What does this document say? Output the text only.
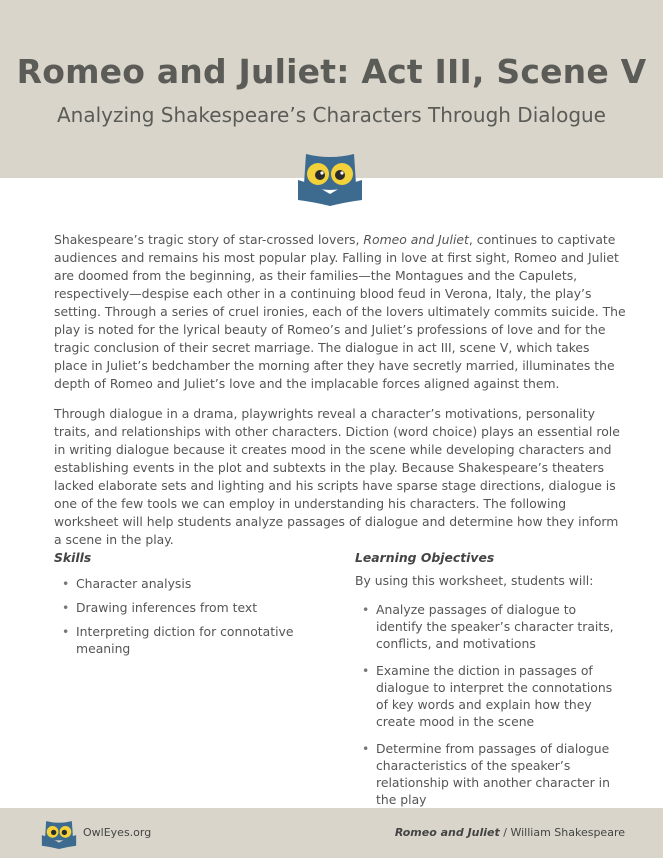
Romeo and Juliet: Act III, Scene V
Analyzing Shakespeare’s Characters Through Dialogue
Shakespeare’s tragic story of star-crossed lovers, Romeo and Juliet, continues to captivate audiences and remains his most popular play. Falling in love at first sight, Romeo and Juliet are doomed from the beginning, as their families—the Montagues and the Capulets, respectively—despise each other in a continuing blood feud in Verona, Italy, the play’s setting. Through a series of cruel ironies, each of the lovers ultimately commits suicide. The play is noted for the lyrical beauty of Romeo’s and Juliet’s professions of love and for the tragic conclusion of their secret marriage. The dialogue in act III, scene V, which takes place in Juliet’s bedchamber the morning after they have secretly married, illuminates the depth of Romeo and Juliet’s love and the implacable forces aligned against them.
Through dialogue in a drama, playwrights reveal a character’s motivations, personality traits, and relationships with other characters. Diction (word choice) plays an essential role in writing dialogue because it creates mood in the scene while developing characters and establishing events in the plot and subtexts in the play. Because Shakespeare’s theaters lacked elaborate sets and lighting and his scripts have sparse stage directions, dialogue is one of the few tools we can employ in understanding his characters. The following worksheet will help students analyze passages of dialogue and determine how they inform a scene in the play.
Skills
• Character analysis
• Drawing inferences from text
• Interpreting diction for connotative meaning
Learning Objectives
By using this worksheet, students will:
• Analyze passages of dialogue to identify the speaker’s character traits, conflicts, and motivations
• Examine the diction in passages of dialogue to interpret the connotations of key words and explain how they create mood in the scene
• Determine from passages of dialogue characteristics of the speaker’s relationship with another character in the play
OwlEyes.org	Romeo and Juliet / William Shakespeare
